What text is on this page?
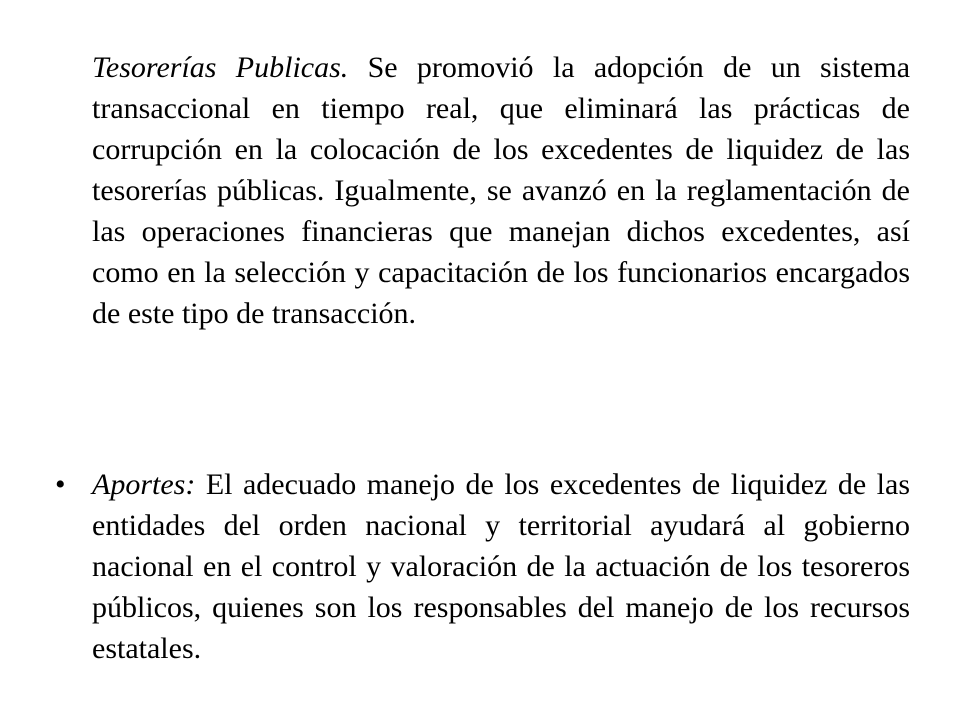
Tesorerías Publicas. Se promovió la adopción de un sistema transaccional en tiempo real, que eliminará las prácticas de corrupción en la colocación de los excedentes de liquidez de las tesorerías públicas. Igualmente, se avanzó en la reglamentación de las operaciones financieras que manejan dichos excedentes, así como en la selección y capacitación de los funcionarios encargados de este tipo de transacción.

• Aportes: El adecuado manejo de los excedentes de liquidez de las entidades del orden nacional y territorial ayudará al gobierno nacional en el control y valoración de la actuación de los tesoreros públicos, quienes son los responsables del manejo de los recursos estatales.
